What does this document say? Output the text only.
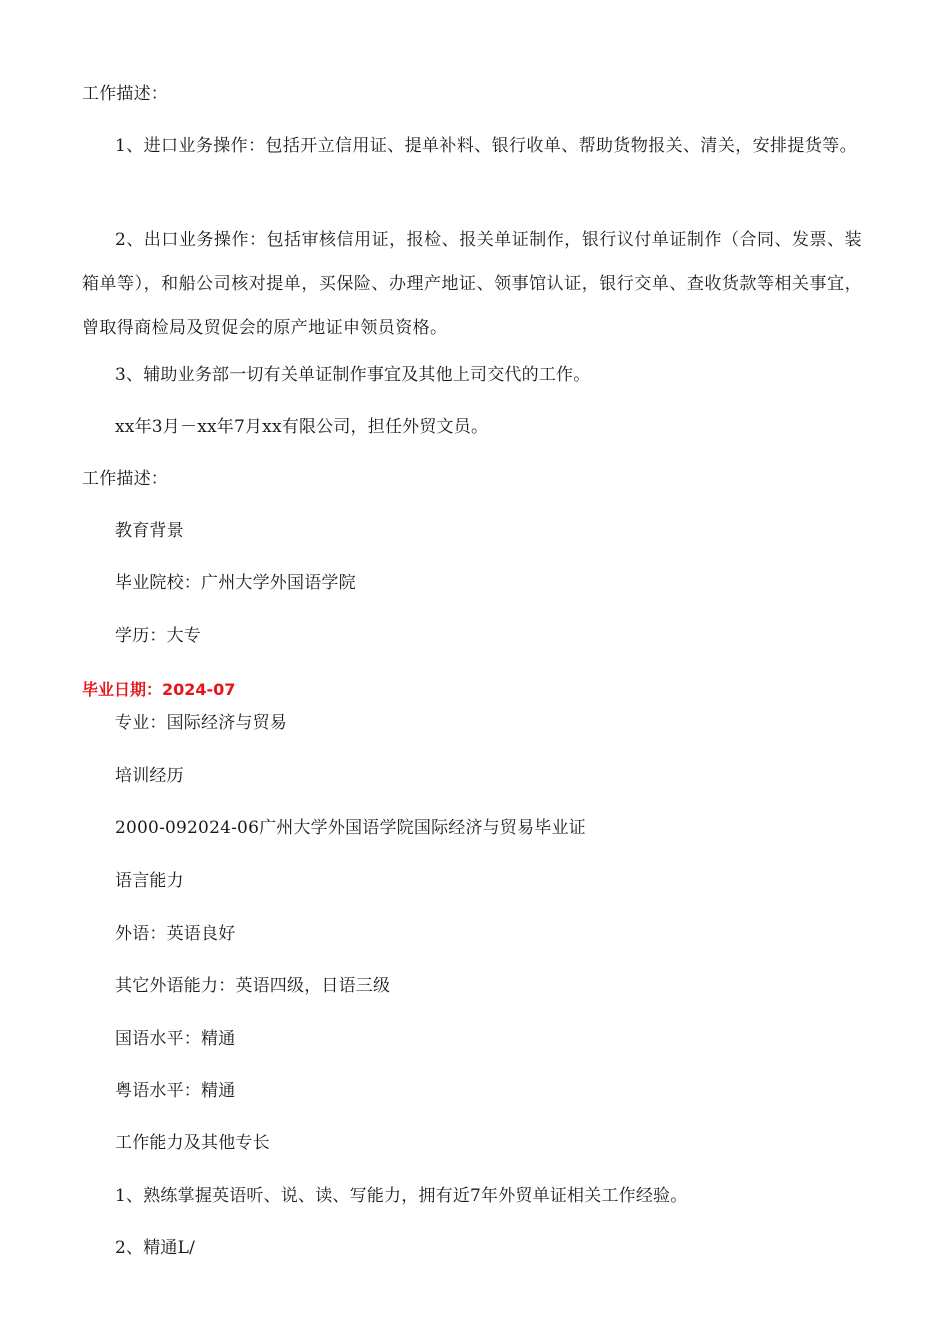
工作描述：
1、进口业务操作：包括开立信用证、提单补料、银行收单、帮助货物报关、清关，安排提货等。
2、出口业务操作：包括审核信用证，报检、报关单证制作，银行议付单证制作（合同、发票、装箱单等），和船公司核对提单，买保险、办理产地证、领事馆认证，银行交单、查收货款等相关事宜，曾取得商检局及贸促会的原产地证申领员资格。
3、辅助业务部一切有关单证制作事宜及其他上司交代的工作。
xx年3月－xx年7月xx有限公司，担任外贸文员。
工作描述：
教育背景
毕业院校：广州大学外国语学院
学历：大专
毕业日期：2024-07
专业：国际经济与贸易
培训经历
2000-092024-06广州大学外国语学院国际经济与贸易毕业证
语言能力
外语：英语良好
其它外语能力：英语四级，日语三级
国语水平：精通
粤语水平：精通
工作能力及其他专长
1、熟练掌握英语听、说、读、写能力，拥有近7年外贸单证相关工作经验。
2、精通L/
